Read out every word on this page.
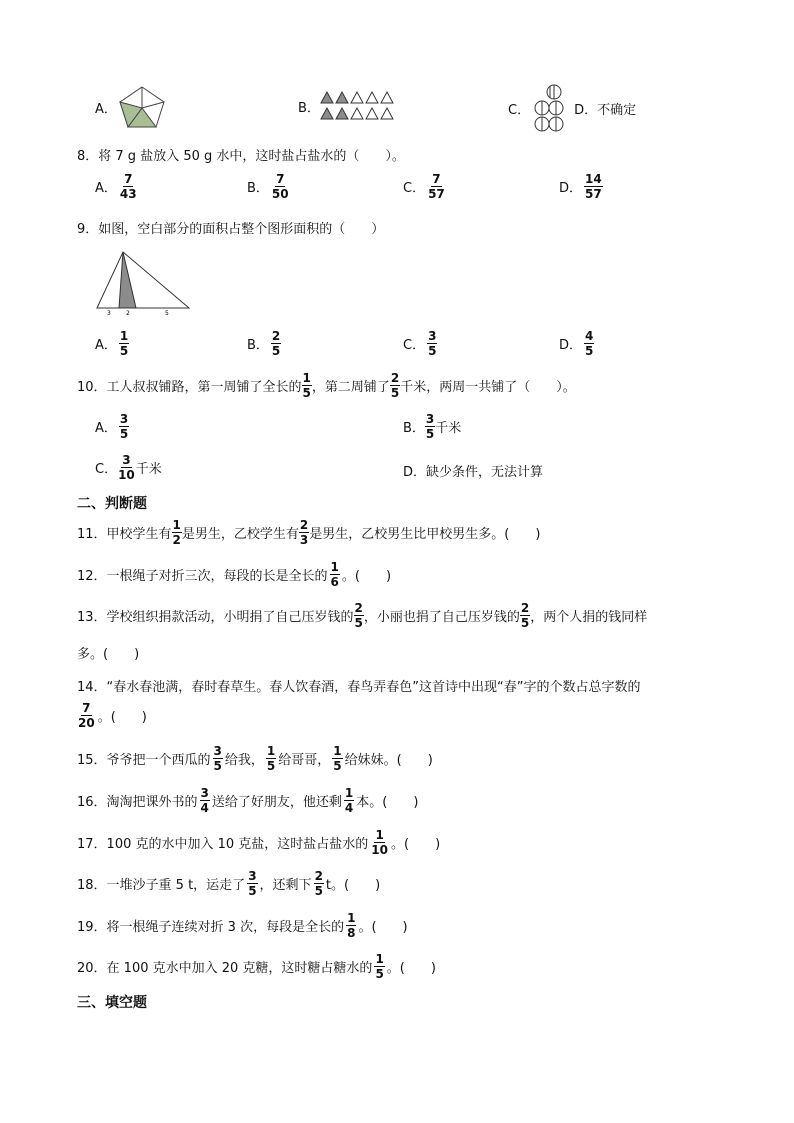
A．	B．	C．	D．不确定
8．将 7 g 盐放入 50 g 水中，这时盐占盐水的（　　）。
A． $\frac{7}{43}$	B． $\frac{7}{50}$	C． $\frac{7}{57}$	D． $\frac{14}{57}$
9．如图，空白部分的面积占整个图形面积的（　　）
3	2	5
A． $\frac{1}{5}$	B． $\frac{2}{5}$	C． $\frac{3}{5}$	D． $\frac{4}{5}$
10．工人叔叔铺路，第一周铺了全长的 $\frac{1}{5}$ ，第二周铺了 $\frac{2}{5}$ 千米，两周一共铺了（　　）。
A． $\frac{3}{5}$	B． $\frac{3}{5}$ 千米
C． $\frac{3}{10}$ 千米	D．缺少条件，无法计算
二、判断题
11．甲校学生有 $\frac{1}{2}$ 是男生，乙校学生有 $\frac{2}{3}$ 是男生，乙校男生比甲校男生多。(　　)
12．一根绳子对折三次，每段的长是全长的 $\frac{1}{6}$ 。(　　)
13．学校组织捐款活动，小明捐了自己压岁钱的 $\frac{2}{5}$ ，小丽也捐了自己压岁钱的 $\frac{2}{5}$ ，两个人捐的钱同样
多。(　　)
14．“春水春池满，春时春草生。春人饮春酒，春鸟弄春色”这首诗中出现“春”字的个数占总字数的
$\frac{7}{20}$ 。(　　)
15．爷爷把一个西瓜的 $\frac{3}{5}$ 给我， $\frac{1}{5}$ 给哥哥， $\frac{1}{5}$ 给妹妹。(　　)
16．淘淘把课外书的 $\frac{3}{4}$ 送给了好朋友，他还剩 $\frac{1}{4}$ 本。(　　)
17．100 克的水中加入 10 克盐，这时盐占盐水的 $\frac{1}{10}$ 。(　　)
18．一堆沙子重 5 t，运走了 $\frac{3}{5}$ ，还剩下 $\frac{2}{5}$ t。(　　)
19．将一根绳子连续对折 3 次，每段是全长的 $\frac{1}{8}$ 。(　　)
20．在 100 克水中加入 20 克糖，这时糖占糖水的 $\frac{1}{5}$ 。(　　)
三、填空题
